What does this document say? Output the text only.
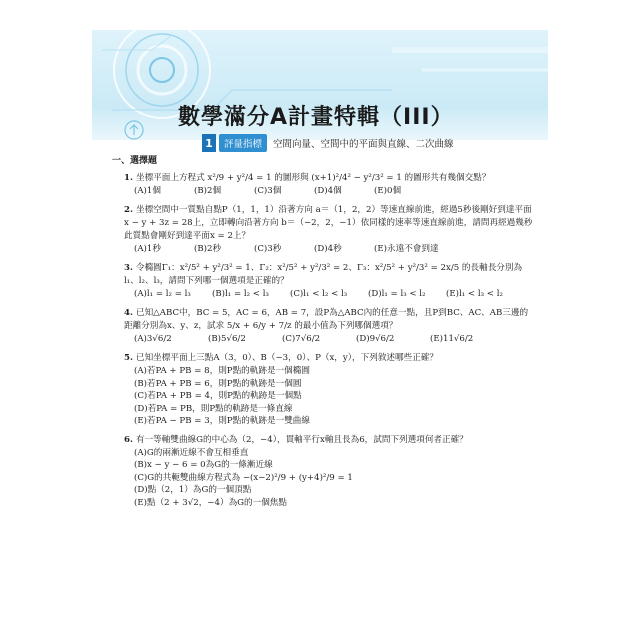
數學滿分A計畫特輯（III）
1	評量指標	空間向量、空間中的平面與直線、二次曲線
一、選擇題
1. 坐標平面上方程式 x²/9 + y²/4 = 1 的圖形與 (x+1)²/4² − y²/3² = 1 的圖形共有幾個交點？
(A)1個	(B)2個	(C)3個	(D)4個	(E)0個
2. 坐標空間中一質點自點P（1，1，1）沿著方向 a＝（1，2，2）等速直線前進，經過5秒後剛好到達平面x − y + 3z = 28上，立即轉向沿著方向 b＝（−2，2，−1）依同樣的速率等速直線前進，請問再經過幾秒此質點會剛好到達平面x = 2上？
(A)1秒	(B)2秒	(C)3秒	(D)4秒	(E)永遠不會到達
3. 令橢圓Γ₁：x²/5² + y²/3² = 1、Γ₂：x²/5² + y²/3² = 2、Γ₃：x²/5² + y²/3² = 2x/5 的長軸長分別為l₁、l₂、l₃，請問下列哪一個選項是正確的？
(A)l₁ = l₂ = l₃	(B)l₁ = l₂ < l₃	(C)l₁ < l₂ < l₃	(D)l₁ = l₃ < l₂	(E)l₁ < l₃ < l₂
4. 已知△ABC中，BC = 5，AC = 6，AB = 7，設P為△ABC內的任意一點，且P到BC、AC、AB三邊的距離分別為x、y、z，試求 5/x + 6/y + 7/z 的最小值為下列哪個選項？
(A)3√6/2	(B)5√6/2	(C)7√6/2	(D)9√6/2	(E)11√6/2
5. 已知坐標平面上三點A（3，0）、B（−3，0）、P（x，y），下列敘述哪些正確？
(A)若PA + PB = 8，則P點的軌跡是一個橢圓
(B)若PA + PB = 6，則P點的軌跡是一個圓
(C)若PA + PB = 4，則P點的軌跡是一個點
(D)若PA = PB，則P點的軌跡是一條直線
(E)若PA − PB = 3，則P點的軌跡是一雙曲線
6. 有一等軸雙曲線G的中心為（2，−4），貫軸平行x軸且長為6，試問下列選項何者正確？
(A)G的兩漸近線不會互相垂直
(B)x − y − 6 = 0為G的一條漸近線
(C)G的共軛雙曲線方程式為 −(x−2)²/9 + (y+4)²/9 = 1
(D)點（2，1）為G的一個頂點
(E)點（2 + 3√2，−4）為G的一個焦點
